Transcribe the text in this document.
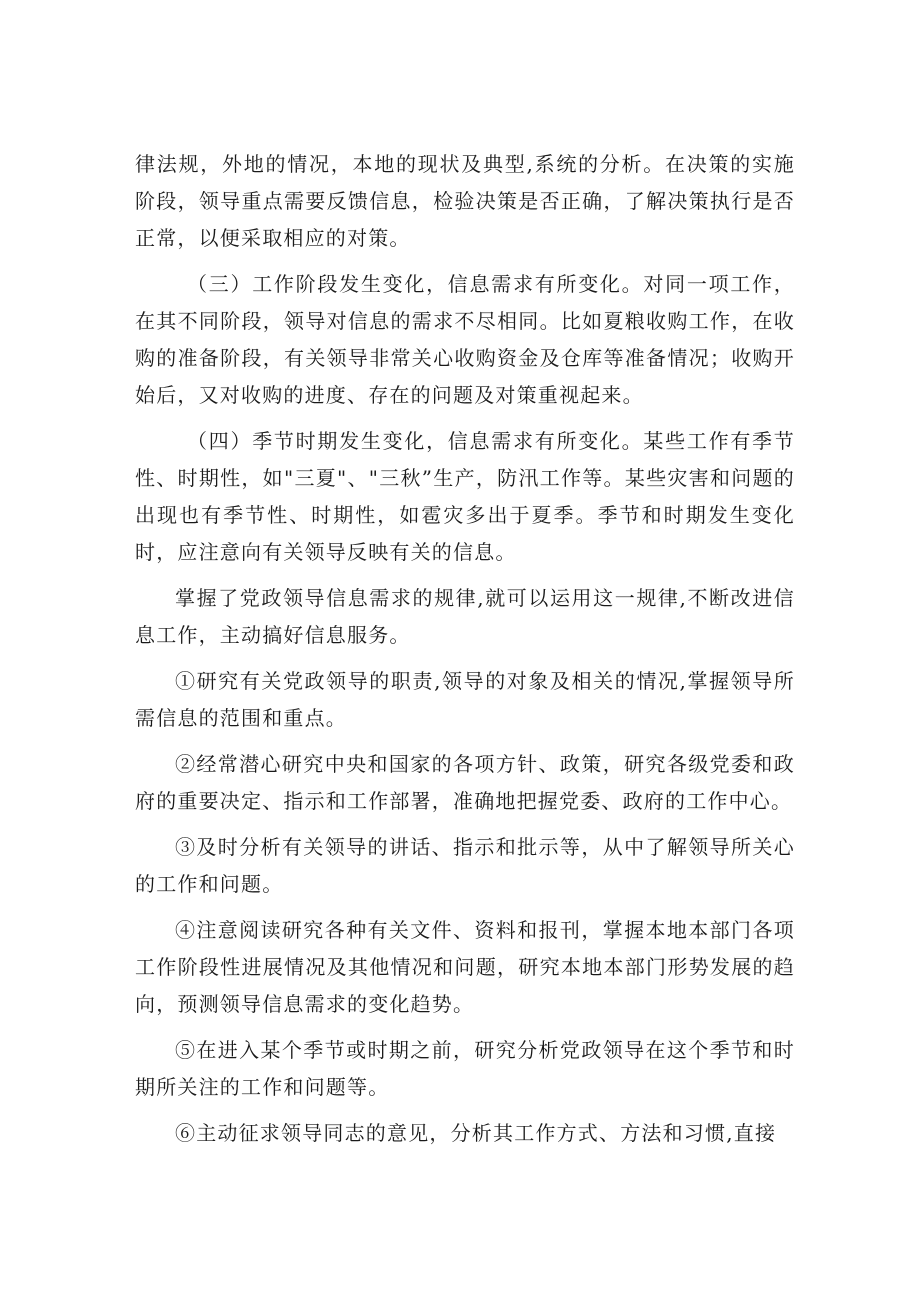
律法规，外地的情况，本地的现状及典型,系统的分析。在决策的实施阶段，领导重点需要反馈信息，检验决策是否正确，了解决策执行是否正常，以便采取相应的对策。

（三）工作阶段发生变化，信息需求有所变化。对同一项工作，在其不同阶段，领导对信息的需求不尽相同。比如夏粮收购工作，在收购的准备阶段，有关领导非常关心收购资金及仓库等准备情况；收购开始后，又对收购的进度、存在的问题及对策重视起来。

（四）季节时期发生变化，信息需求有所变化。某些工作有季节性、时期性，如"三夏"、"三秋”生产，防汛工作等。某些灾害和问题的出现也有季节性、时期性，如雹灾多出于夏季。季节和时期发生变化时，应注意向有关领导反映有关的信息。

掌握了党政领导信息需求的规律,就可以运用这一规律,不断改进信息工作，主动搞好信息服务。

①研究有关党政领导的职责,领导的对象及相关的情况,掌握领导所需信息的范围和重点。

②经常潜心研究中央和国家的各项方针、政策，研究各级党委和政府的重要决定、指示和工作部署，准确地把握党委、政府的工作中心。

③及时分析有关领导的讲话、指示和批示等，从中了解领导所关心的工作和问题。

④注意阅读研究各种有关文件、资料和报刊，掌握本地本部门各项工作阶段性进展情况及其他情况和问题，研究本地本部门形势发展的趋向，预测领导信息需求的变化趋势。

⑤在进入某个季节或时期之前，研究分析党政领导在这个季节和时期所关注的工作和问题等。

⑥主动征求领导同志的意见，分析其工作方式、方法和习惯,直接
